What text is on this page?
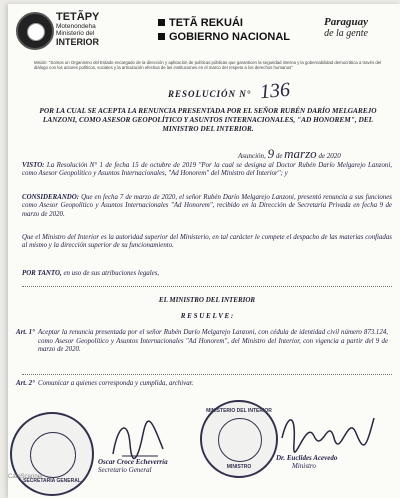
TETÃPY
Motenondeha
Ministerio del
INTERIOR
TETÃ REKUÁI
GOBIERNO NACIONAL
Paraguay
de la gente
Misión: "Somos un Organismo del Estado encargado de la dirección y aplicación de políticas públicas que garanticen la seguridad interna y la gobernabilidad democrática a través del diálogo con los actores políticos, sociales y la articulación efectiva de las instituciones en el marco del respeto a los derechos humanos"
RESOLUCIÓN N° 136
POR LA CUAL SE ACEPTA LA RENUNCIA PRESENTADA POR EL SEÑOR RUBÉN DARÍO MELGAREJO LANZONI, COMO ASESOR GEOPOLÍTICO Y ASUNTOS INTERNACIONALES, "AD HONOREM", DEL MINISTRO DEL INTERIOR.
Asunción, 9 de marzo de 2020
VISTO: La Resolución N° 1 de fecha 15 de octubre de 2019 "Por la cual se designa al Doctor Rubén Darío Melgarejo Lanzoni, como Asesor Geopolítico y Asuntos Internacionales, "Ad Honorem" del Ministro del Interior"; y
CONSIDERANDO: Que en fecha 7 de marzo de 2020, el señor Rubén Darío Melgarejo Lanzoni, presentó renuncia a sus funciones como Asesor Geopolítico y Asuntos Internacionales "Ad Honorem", recibido en la Dirección de Secretaría Privada en fecha 9 de marzo de 2020.
Que el Ministro del Interior es la autoridad superior del Ministerio, en tal carácter le compete el despacho de las materias confiadas al mismo y la dirección superior de su funcionamiento.
POR TANTO, en uso de sus atribuciones legales,
EL MINISTRO DEL INTERIOR
R E S U E L V E :
Art. 1° Aceptar la renuncia presentada por el señor Rubén Darío Melgarejo Lanzoni, con cédula de identidad civil número 873.124, como Asesor Geopolítico y Asuntos Internacionales "Ad Honorem", del Ministro del Interior, con vigencia a partir del 9 de marzo de 2020.
Art. 2° Comunicar a quienes corresponda y cumplida, archivar.
SECRETARÍA GENERAL
Oscar Croce Echeverría
Secretario General
MINISTERIO DEL INTERIOR
MINISTRO
Dr. Euclides Acevedo
Ministro
CamScanner
